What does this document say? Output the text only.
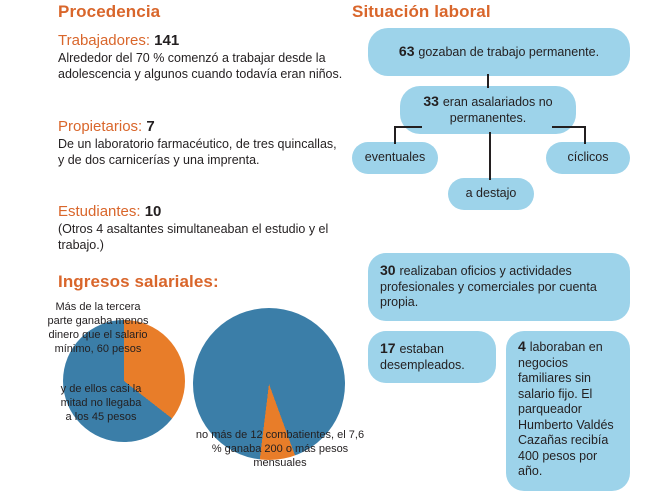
Procedencia

Trabajadores: 141

Alrededor del 70 % comenzó a trabajar desde la adolescencia y algunos cuando todavía eran niños.

Propietarios: 7

De un laboratorio farmacéutico, de tres quincallas, y de dos carnicerías y una imprenta.

Estudiantes: 10

(Otros 4 asaltantes simultaneaban el estudio y el trabajo.)

Ingresos salariales:
Más de la tercera parte ganaba menos dinero que el salario mínimo, 60 pesos
y de ellos casi la mitad no llegaba a los 45 pesos
no más de 12 combatientes, el 7,6 % ganaba 200 o más pesos mensuales
Situación laboral
63 gozaban de trabajo permanente.
33 eran asalariados no permanentes.
eventuales
a destajo
cíclicos
30 realizaban oficios y actividades profesionales y comerciales por cuenta propia.
17 estaban desempleados.
4 laboraban en negocios familiares sin salario fijo. El parqueador Humberto Valdés Cazañas recibía 400 pesos por año.
